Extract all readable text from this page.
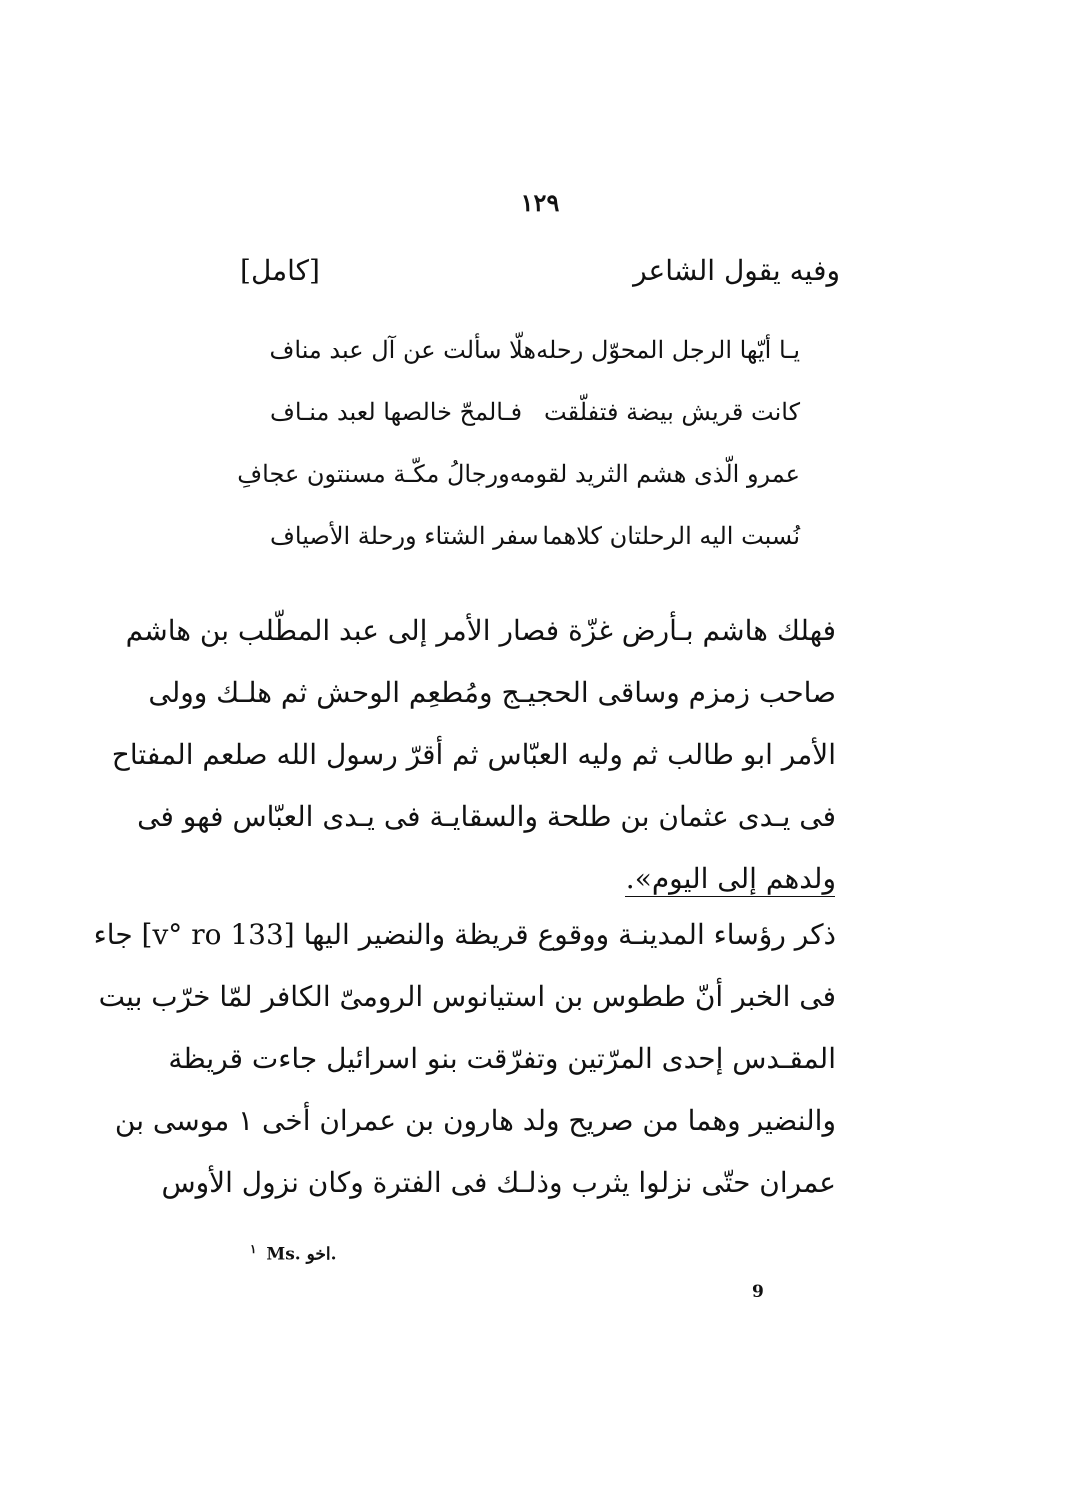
١٢٩
وفيه يقول الشاعر
[كامل]
يـا أيّها الرجل المحوّل رحله
هلّا سألت عن آل عبد مناف
كانت قريش بيضة فتفلّقت
فـالمحّ خالصها لعبد منـاف
عمرو الّذى هشم الثريد لقومه
ورجالُ مكّـة مسنتون عجافِ
نُسبت اليه الرحلتان كلاهما
سفر الشتاء ورحلة الأصياف
فهلك هاشم بـأرض غزّة فصار الأمر إلى عبد المطّلب بن هاشم
صاحب زمزم وساقى الحجيـج ومُطعِم الوحش ثم هلـك وولى
الأمر ابو طالب ثم وليه العبّاس ثم أقرّ رسول الله صلعم المفتاح
فى يـدى عثمان بن طلحة والسقايـة فى يـدى العبّاس فهو فى
ولدهم إلى اليوم».
ذكر رؤساء المدينـة ووقوع قريظة والنضير اليها [133 v° ro] جاء
فى الخبر أنّ ططوس بن استيانوس الرومىّ الكافر لمّا خرّب بيت
المقـدس إحدى المرّتين وتفرّقت بنو اسرائيل جاءت قريظة
والنضير وهما من صريح ولد هارون بن عمران أخى ١ موسى بن
عمران حتّى نزلوا يثرب وذلـك فى الفترة وكان نزول الأوس
$^١$ Ms. اخو.
9
